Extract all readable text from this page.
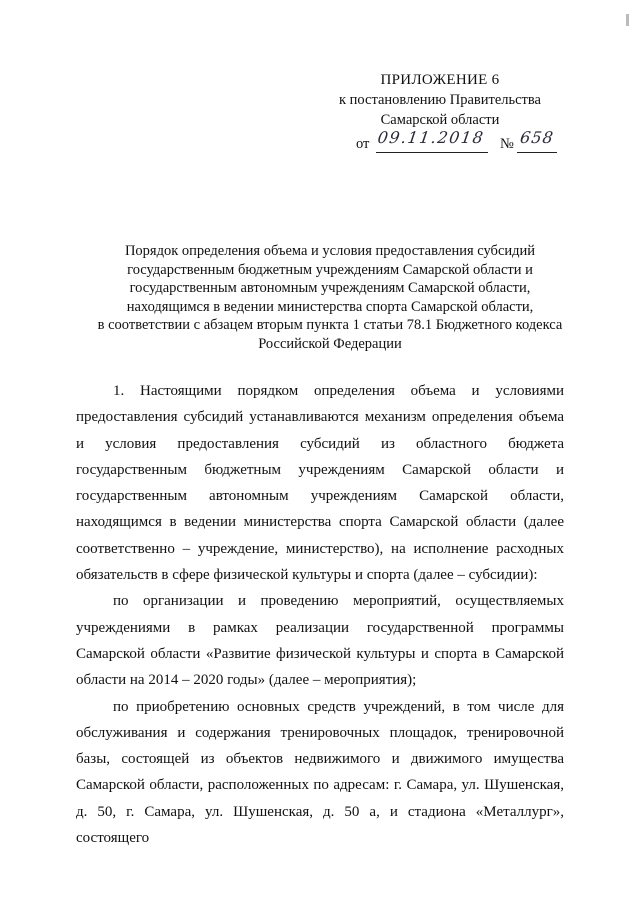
ПРИЛОЖЕНИЕ 6
к постановлению Правительства
Самарской области
от 09.11.2018 № 658
Порядок определения объема и условия предоставления субсидий
государственным бюджетным учреждениям Самарской области и
государственным автономным учреждениям Самарской области,
находящимся в ведении министерства спорта Самарской области,
в соответствии с абзацем вторым пункта 1 статьи 78.1 Бюджетного кодекса
Российской Федерации

1. Настоящими порядком определения объема и условиями предоставления субсидий устанавливаются механизм определения объема и условия предоставления субсидий из областного бюджета государственным бюджетным учреждениям Самарской области и государственным автономным учреждениям Самарской области, находящимся в ведении министерства спорта Самарской области (далее соответственно – учреждение, министерство), на исполнение расходных обязательств в сфере физической культуры и спорта (далее – субсидии):

по организации и проведению мероприятий, осуществляемых учреждениями в рамках реализации государственной программы Самарской области «Развитие физической культуры и спорта в Самарской области на 2014 – 2020 годы» (далее – мероприятия);

по приобретению основных средств учреждений, в том числе для обслуживания и содержания тренировочных площадок, тренировочной базы, состоящей из объектов недвижимого и движимого имущества Самарской области, расположенных по адресам: г. Самара, ул. Шушенская, д. 50, г. Самара, ул. Шушенская, д. 50 а, и стадиона «Металлург», состоящего
